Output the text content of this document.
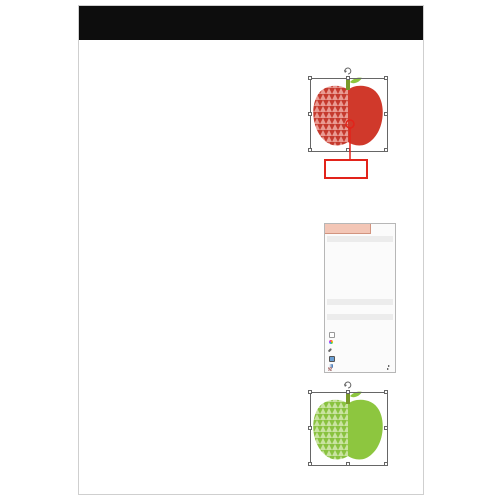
▸
▸
